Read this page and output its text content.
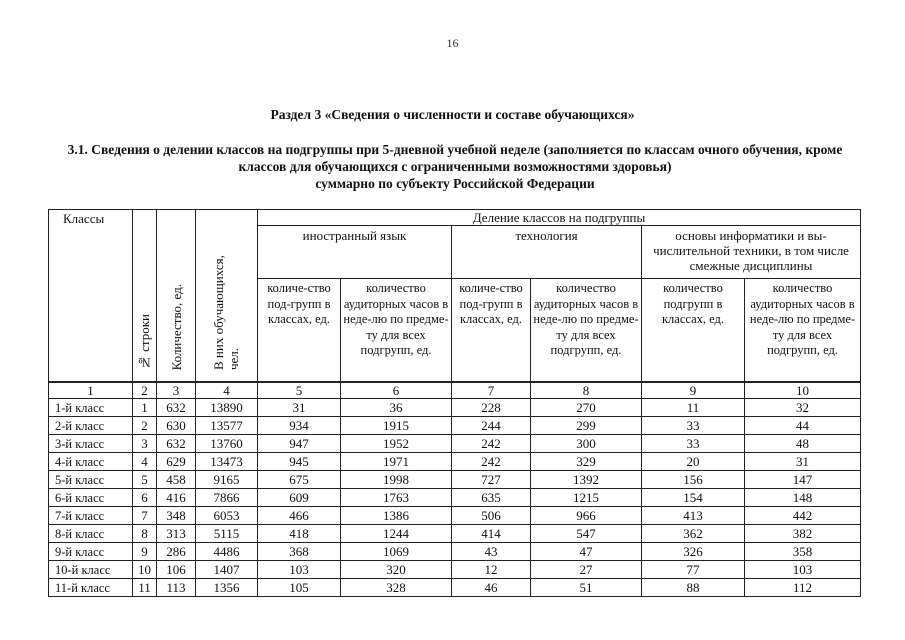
16
Раздел 3 «Сведения о численности и составе обучающихся»
3.1. Сведения о делении классов на подгруппы при 5-дневной учебной неделе (заполняется по классам очного обучения, кроме классов для обучающихся с ограниченными возможностями здоровья)
суммарно по субъекту Российской Федерации
Классы	№ строки	Количество, ед.	В них обучающихся, чел.	Деление классов на подгруппы					
				иностранный язык		технология		основы информатики и вы-числительной техники, в том числе смежные дисциплины	
				количе-ство под-групп в классах, ед.	количество аудиторных часов в неде-лю по предме-ту для всех подгрупп, ед.	количе-ство под-групп в классах, ед.	количество аудиторных часов в неде-лю по предме-ту для всех подгрупп, ед.	количество подгрупп в классах, ед.	количество аудиторных часов в неде-лю по предме-ту для всех подгрупп, ед.
1	2	3	4	5	6	7	8	9	10
1-й класс	1	632	13890	31	36	228	270	11	32
2-й класс	2	630	13577	934	1915	244	299	33	44
3-й класс	3	632	13760	947	1952	242	300	33	48
4-й класс	4	629	13473	945	1971	242	329	20	31
5-й класс	5	458	9165	675	1998	727	1392	156	147
6-й класс	6	416	7866	609	1763	635	1215	154	148
7-й класс	7	348	6053	466	1386	506	966	413	442
8-й класс	8	313	5115	418	1244	414	547	362	382
9-й класс	9	286	4486	368	1069	43	47	326	358
10-й класс	10	106	1407	103	320	12	27	77	103
11-й класс	11	113	1356	105	328	46	51	88	112
